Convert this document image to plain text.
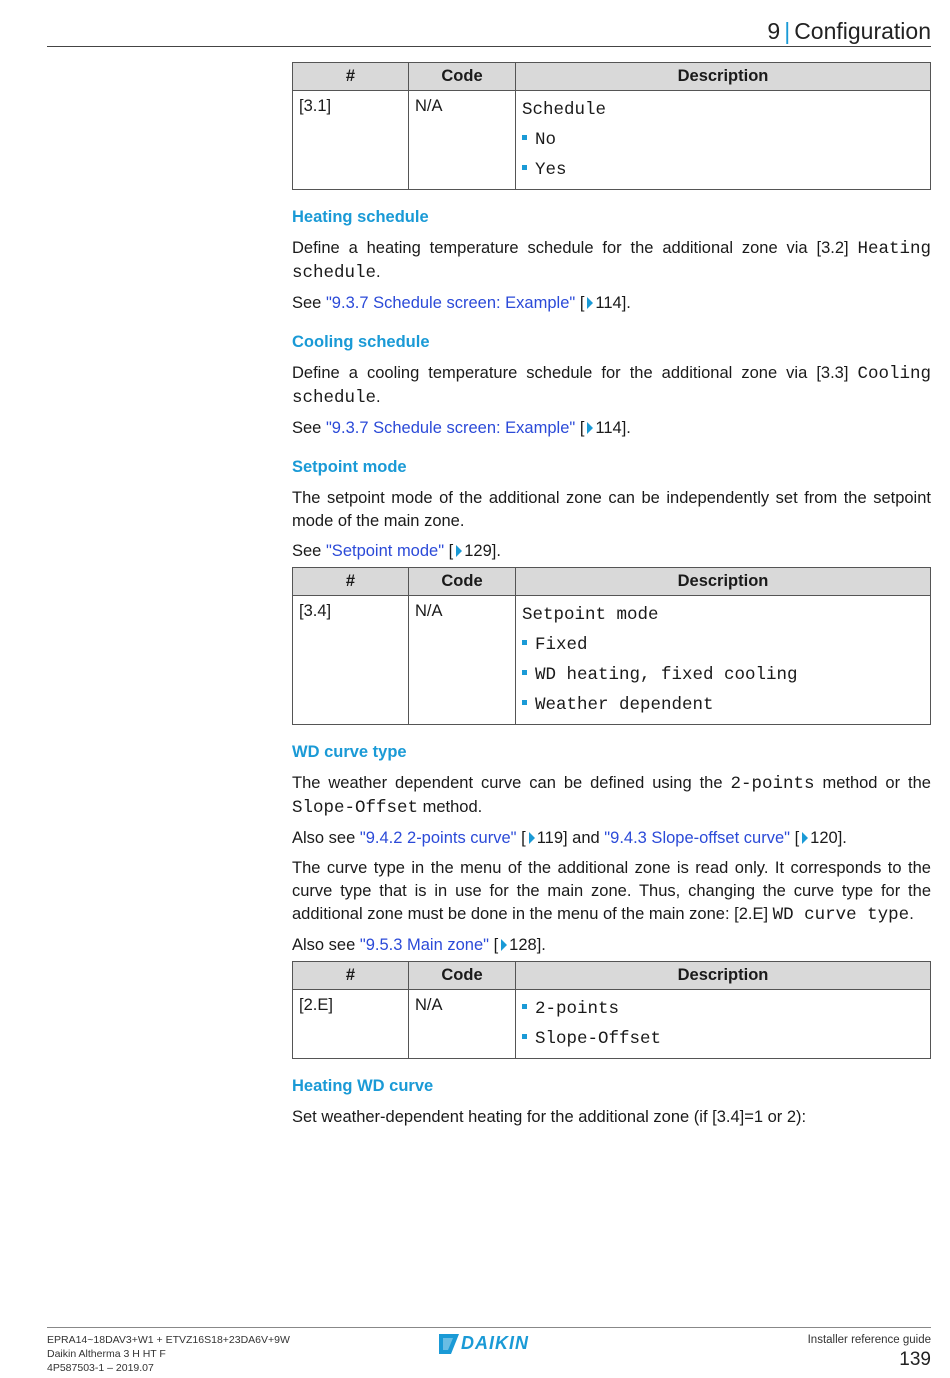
9 | Configuration
#	Code	Description
[3.1]	N/A	Schedule
No
Yes
Heating schedule

Define a heating temperature schedule for the additional zone via [3.2] Heating schedule.

See "9.3.7 Schedule screen: Example" [ 114].

Cooling schedule

Define a cooling temperature schedule for the additional zone via [3.3] Cooling schedule.

See "9.3.7 Schedule screen: Example" [ 114].

Setpoint mode

The setpoint mode of the additional zone can be independently set from the setpoint mode of the main zone.

See "Setpoint mode" [ 129].

#	Code	Description
[3.4]	N/A	Setpoint mode
Fixed
WD heating, fixed cooling
Weather dependent
WD curve type

The weather dependent curve can be defined using the 2-points method or the Slope-Offset method.

Also see "9.4.2 2-points curve" [ 119] and "9.4.3 Slope-offset curve" [ 120].

The curve type in the menu of the additional zone is read only. It corresponds to the curve type that is in use for the main zone. Thus, changing the curve type for the additional zone must be done in the menu of the main zone: [2.E] WD curve type.

Also see "9.5.3 Main zone" [ 128].

#	Code	Description
[2.E]	N/A	2-points
Slope-Offset
Heating WD curve

Set weather-dependent heating for the additional zone (if [3.4]=1 or 2):

EPRA14~18DAV3+W1 + ETVZ16S18+23DA6V+9W
Daikin Altherma 3 H HT F
4P587503-1 – 2019.07
DAIKIN	Installer reference guide
139
